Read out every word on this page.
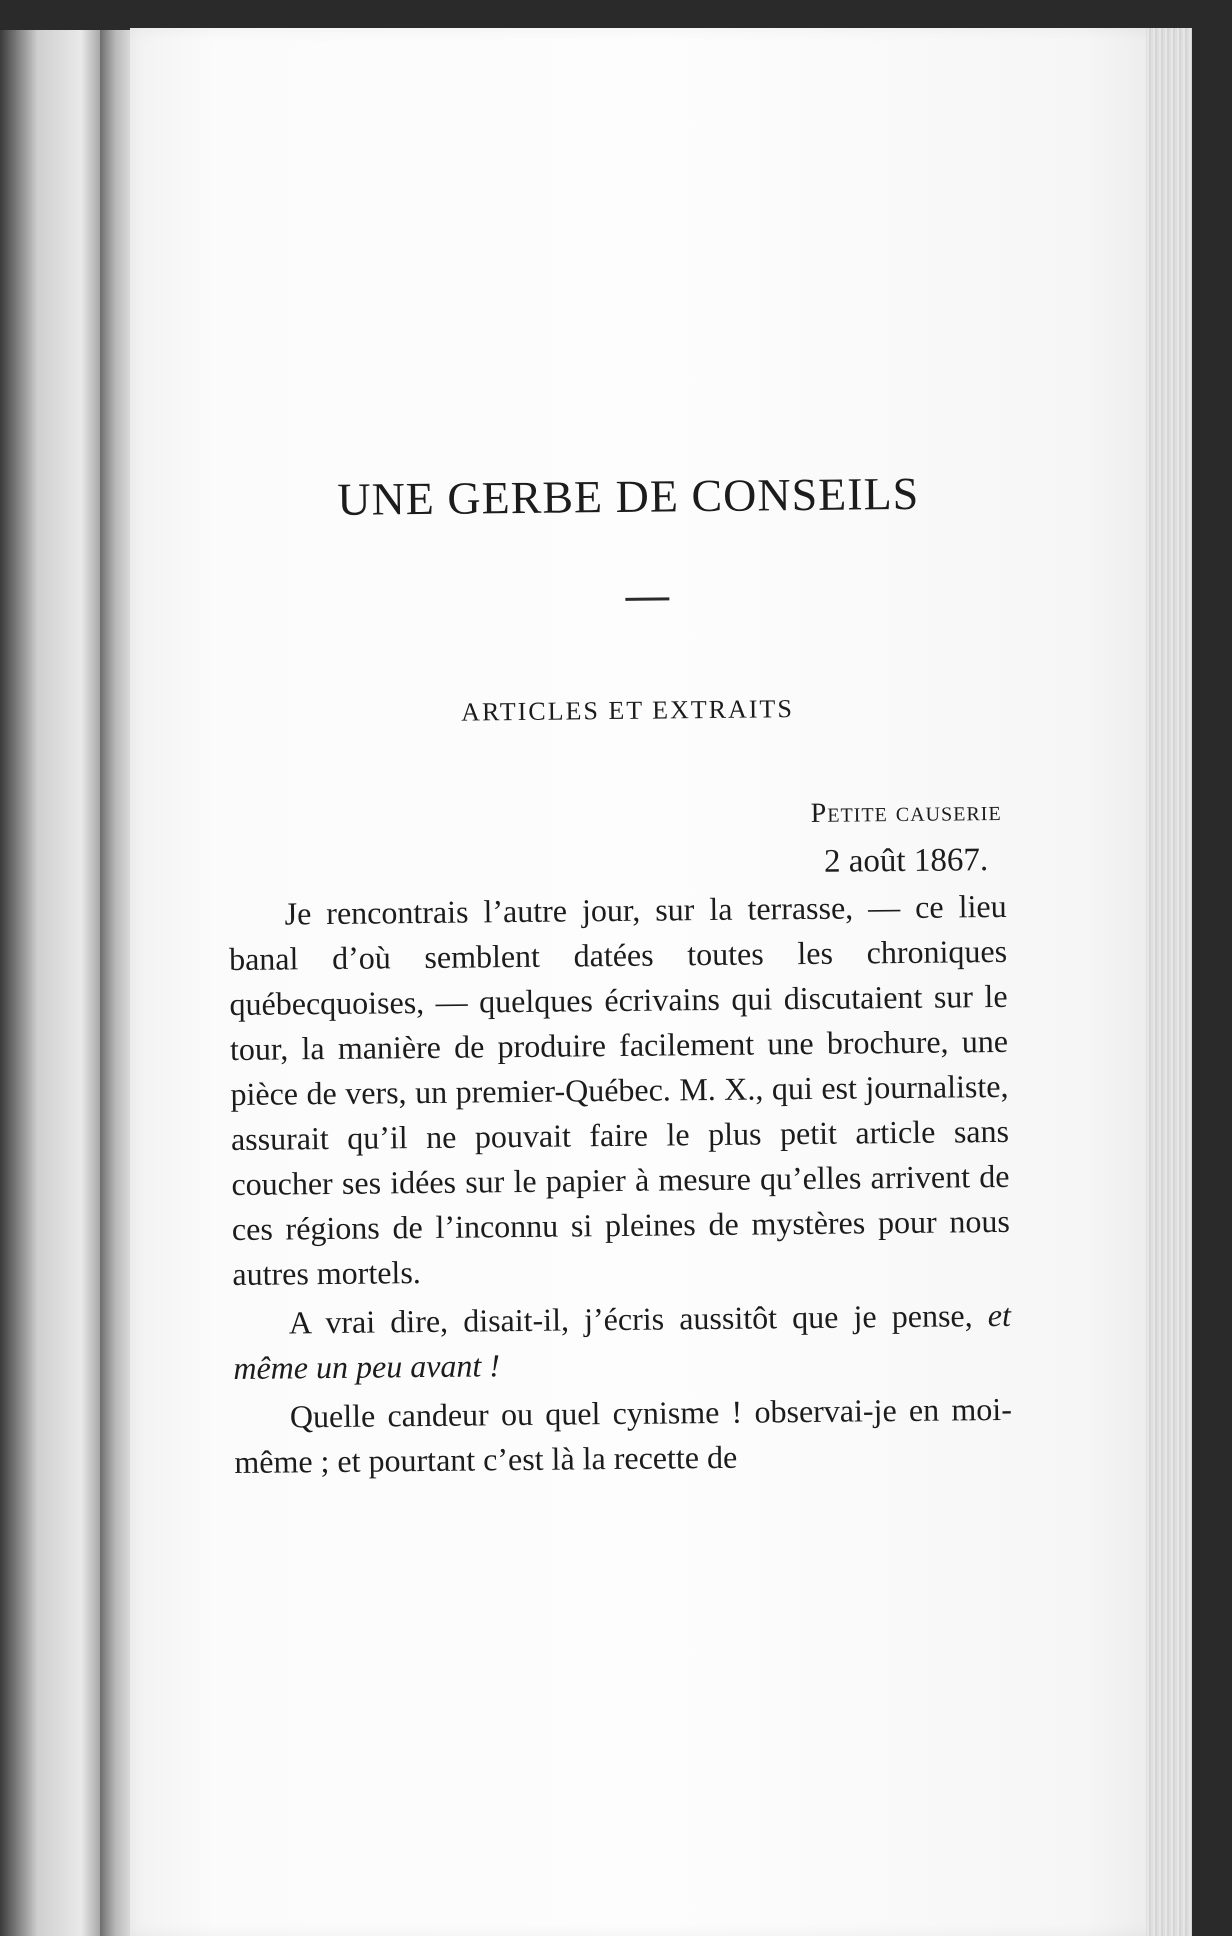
UNE GERBE DE CONSEILS
ARTICLES ET EXTRAITS
Petite causerie
2 août 1867.

Je rencontrais l’autre jour, sur la terrasse, — ce lieu banal d’où semblent datées toutes les chroniques québecquoises, — quelques écrivains qui discutaient sur le tour, la manière de produire facilement une brochure, une pièce de vers, un premier-Québec. M. X., qui est journaliste, assurait qu’il ne pouvait faire le plus petit article sans coucher ses idées sur le papier à mesure qu’elles arrivent de ces régions de l’inconnu si pleines de mystères pour nous autres mortels.

A vrai dire, disait-il, j’écris aussitôt que je pense, et même un peu avant !

Quelle candeur ou quel cynisme ! observai-je en moi-même ; et pourtant c’est là la recette de
